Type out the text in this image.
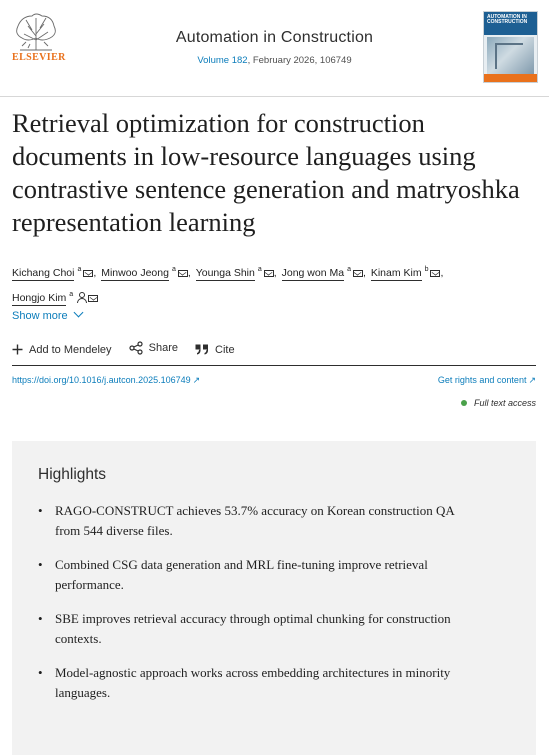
ELSEVIER
Automation in Construction
Volume 182, February 2026, 106749
AUTOMATION IN CONSTRUCTION
Retrieval optimization for construction documents in low-resource languages using contrastive sentence generation and matryoshka representation learning
Kichang Choi $^a$ , Minwoo Jeong $^a$ , Younga Shin $^a$ , Jong won Ma $^a$ , Kinam Kim $^b$ ,
Hongjo Kim $^a$
Show more
Add to Mendeley
	Share
	Cite
https://doi.org/10.1016/j.autcon.2025.106749 ↗	Get rights and content ↗
Full text access
Highlights
• RAGO-CONSTRUCT achieves 53.7% accuracy on Korean construction QA from 544 diverse files.
• Combined CSG data generation and MRL fine-tuning improve retrieval performance.
• SBE improves retrieval accuracy through optimal chunking for construction contexts.
• Model-agnostic approach works across embedding architectures in minority languages.
